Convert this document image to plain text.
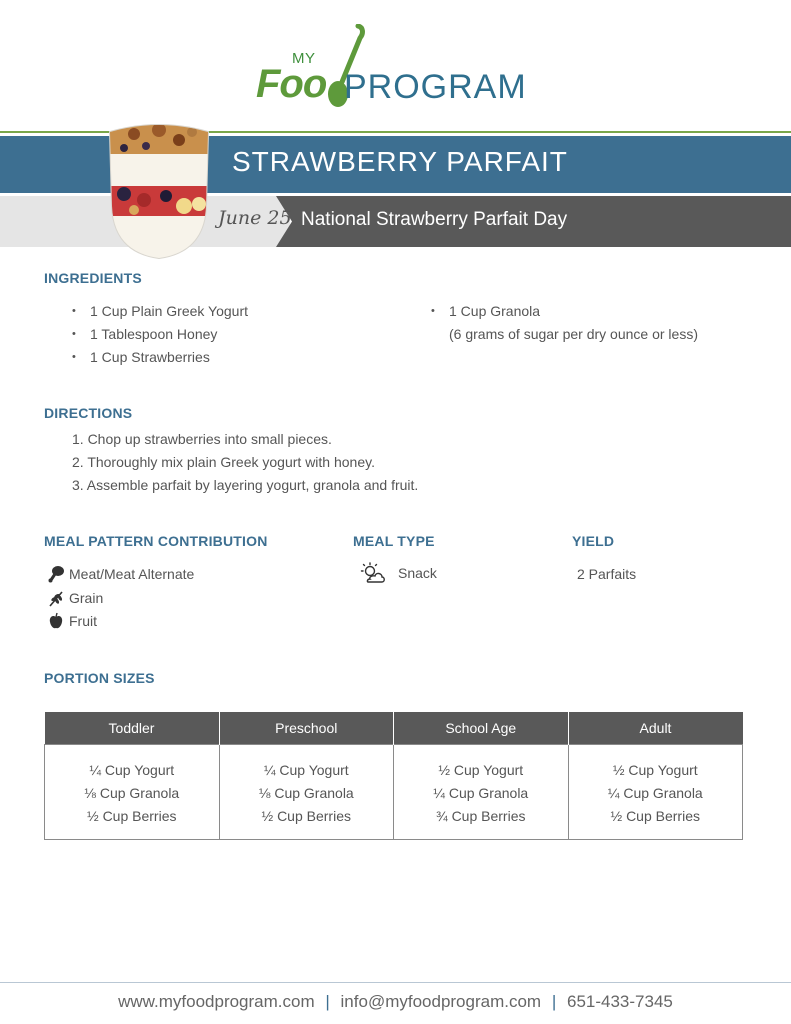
MY
Foo PROGRAM
STRAWBERRY PARFAIT
June 25 National Strawberry Parfait Day
INGREDIENTS
• 1 Cup Plain Greek Yogurt
• 1 Tablespoon Honey
• 1 Cup Strawberries
• 1 Cup Granola
(6 grams of sugar per dry ounce or less)
DIRECTIONS
1. Chop up strawberries into small pieces.
2. Thoroughly mix plain Greek yogurt with honey.
3. Assemble parfait by layering yogurt, granola and fruit.
MEAL PATTERN CONTRIBUTION
Meat/Meat Alternate
Grain
Fruit
MEAL TYPE
Snack
YIELD
2 Parfaits
PORTION SIZES
Toddler	Preschool	School Age	Adult

¼ Cup Yogurt
⅛ Cup Granola
½ Cup Berries	¼ Cup Yogurt
⅛ Cup Granola
½ Cup Berries	½ Cup Yogurt
¼ Cup Granola
¾ Cup Berries	½ Cup Yogurt
¼ Cup Granola
½ Cup Berries
www.myfoodprogram.com | info@myfoodprogram.com | 651-433-7345
